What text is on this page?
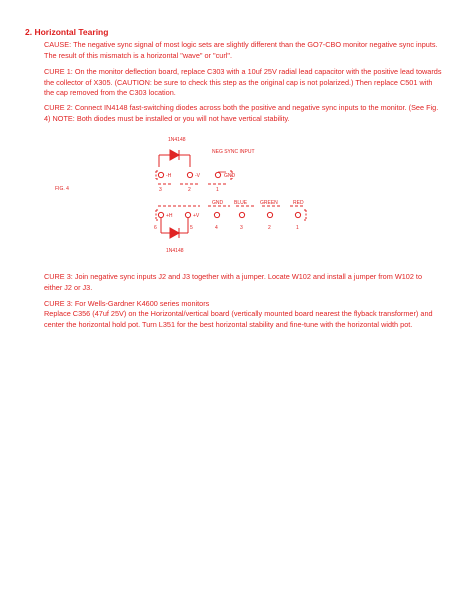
2. Horizontal Tearing

CAUSE: The negative sync signal of most logic sets are slightly different than the GO7-CBO monitor negative sync inputs. The result of this mismatch is a horizontal "wave" or "curl".

CURE 1: On the monitor deflection board, replace C303 with a 10uf 25V radial lead capacitor with the positive lead towards the collector of X305. (CAUTION: be sure to check this step as the original cap is not polarized.) Then replace C501 with the cap removed from the C303 location.

CURE 2: Connect IN4148 fast-switching diodes across both the positive and negative sync inputs to the monitor. (See Fig. 4) NOTE: Both diodes must be installed or you will not have vertical stability.

FIG. 4
1N4148
NEG SYNC INPUT
-H	-V	GND
3	2	1
GND BLUE	GREEN	RED
+H	+V
6	5	4	3	2	1
1N4148

CURE 3: Join negative sync inputs J2 and J3 together with a jumper. Locate W102 and install a jumper from W102 to either J2 or J3.

CURE 3: For Wells-Gardner K4600 series monitors

Replace C356 (47uf 25V) on the Horizontal/vertical board (vertically mounted board nearest the flyback transformer) and center the horizontal hold pot. Turn L351 for the best horizontal stability and fine-tune with the horizontal width pot.
